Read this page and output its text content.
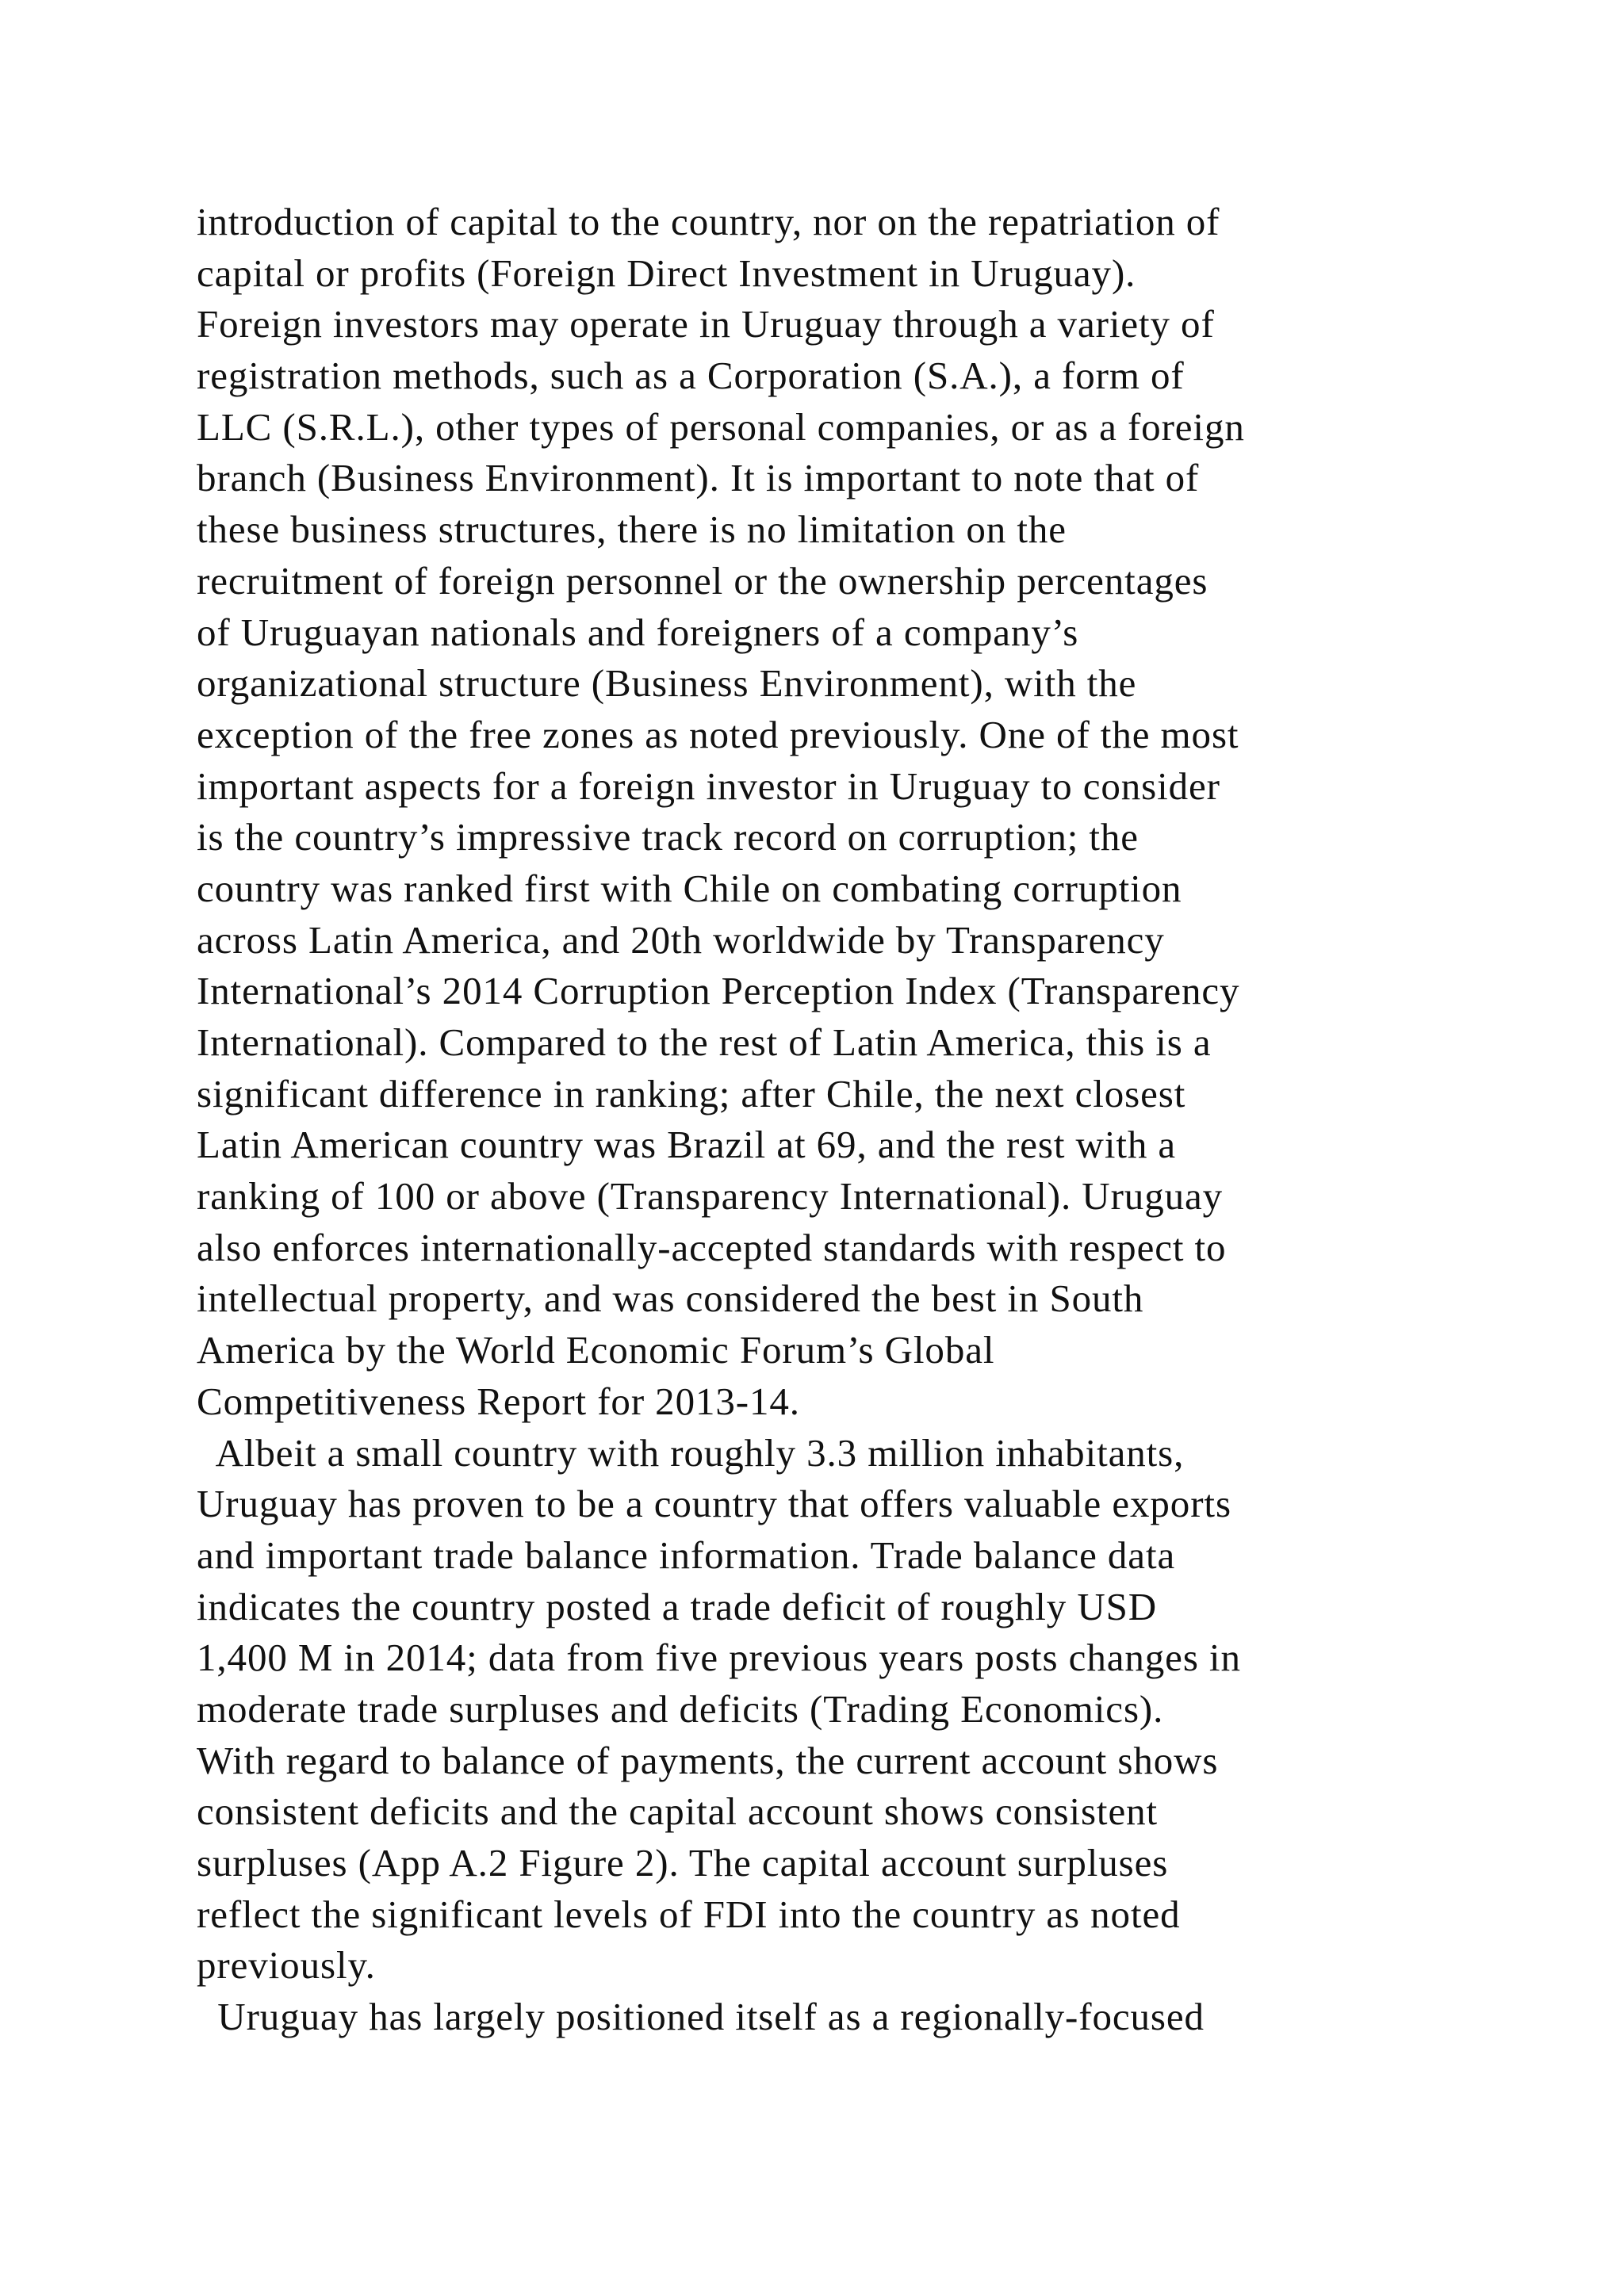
introduction of capital to the country, nor on the repatriation of
capital or profits (Foreign Direct Investment in Uruguay).
Foreign investors may operate in Uruguay through a variety of
registration methods, such as a Corporation (S.A.), a form of
LLC (S.R.L.), other types of personal companies, or as a foreign
branch (Business Environment). It is important to note that of
these business structures, there is no limitation on the
recruitment of foreign personnel or the ownership percentages
of Uruguayan nationals and foreigners of a company’s
organizational structure (Business Environment), with the
exception of the free zones as noted previously. One of the most
important aspects for a foreign investor in Uruguay to consider
is the country’s impressive track record on corruption; the
country was ranked first with Chile on combating corruption
across Latin America, and 20th worldwide by Transparency
International’s 2014 Corruption Perception Index (Transparency
International). Compared to the rest of Latin America, this is a
significant difference in ranking; after Chile, the next closest
Latin American country was Brazil at 69, and the rest with a
ranking of 100 or above (Transparency International). Uruguay
also enforces internationally-accepted standards with respect to
intellectual property, and was considered the best in South
America by the World Economic Forum’s Global
Competitiveness Report for 2013-14.
Albeit a small country with roughly 3.3 million inhabitants,
Uruguay has proven to be a country that offers valuable exports
and important trade balance information. Trade balance data
indicates the country posted a trade deficit of roughly USD
1,400 M in 2014; data from five previous years posts changes in
moderate trade surpluses and deficits (Trading Economics).
With regard to balance of payments, the current account shows
consistent deficits and the capital account shows consistent
surpluses (App A.2 Figure 2). The capital account surpluses
reflect the significant levels of FDI into the country as noted
previously.
Uruguay has largely positioned itself as a regionally-focused
